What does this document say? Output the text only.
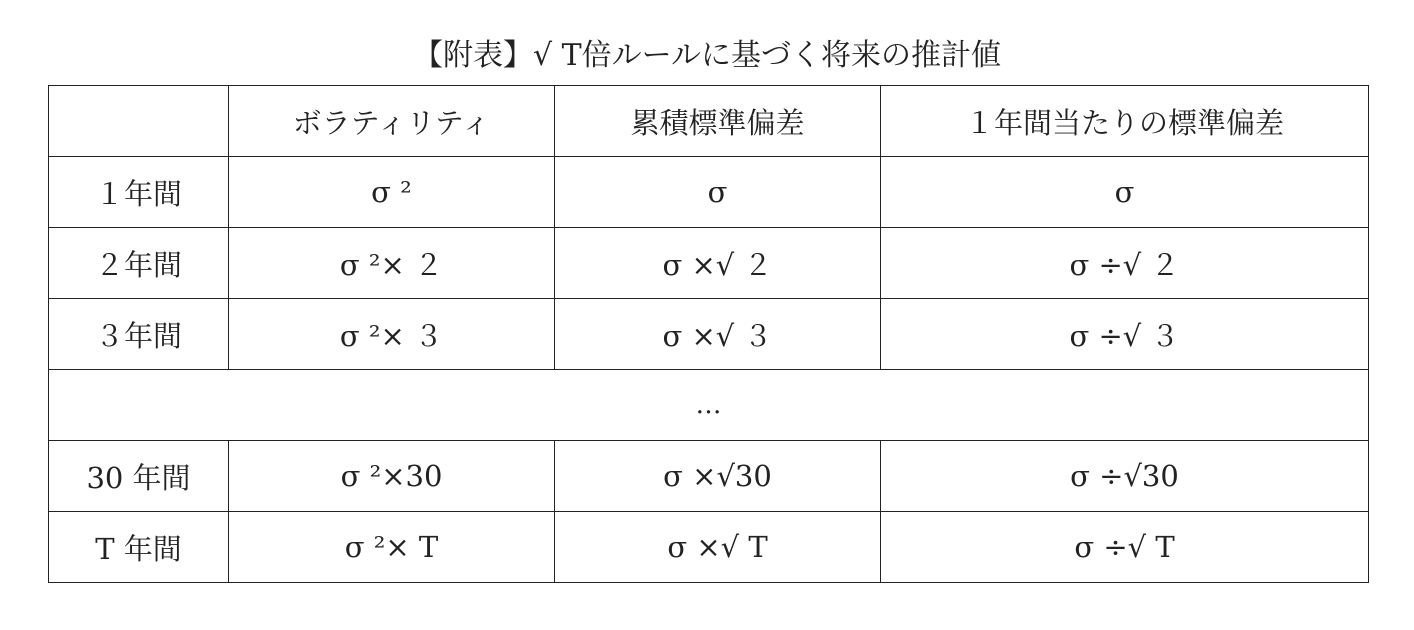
【附表】√ T倍ルールに基づく将来の推計値
	ボラティリティ	累積標準偏差	１年間当たりの標準偏差
１年間	σ ²	σ	σ
２年間	σ ²× ２	σ ×√ ２	σ ÷√ ２
３年間	σ ²× ３	σ ×√ ３	σ ÷√ ３
…			
30 年間	σ ²×30	σ ×√30	σ ÷√30
T 年間	σ ²× T	σ ×√ T	σ ÷√ T
